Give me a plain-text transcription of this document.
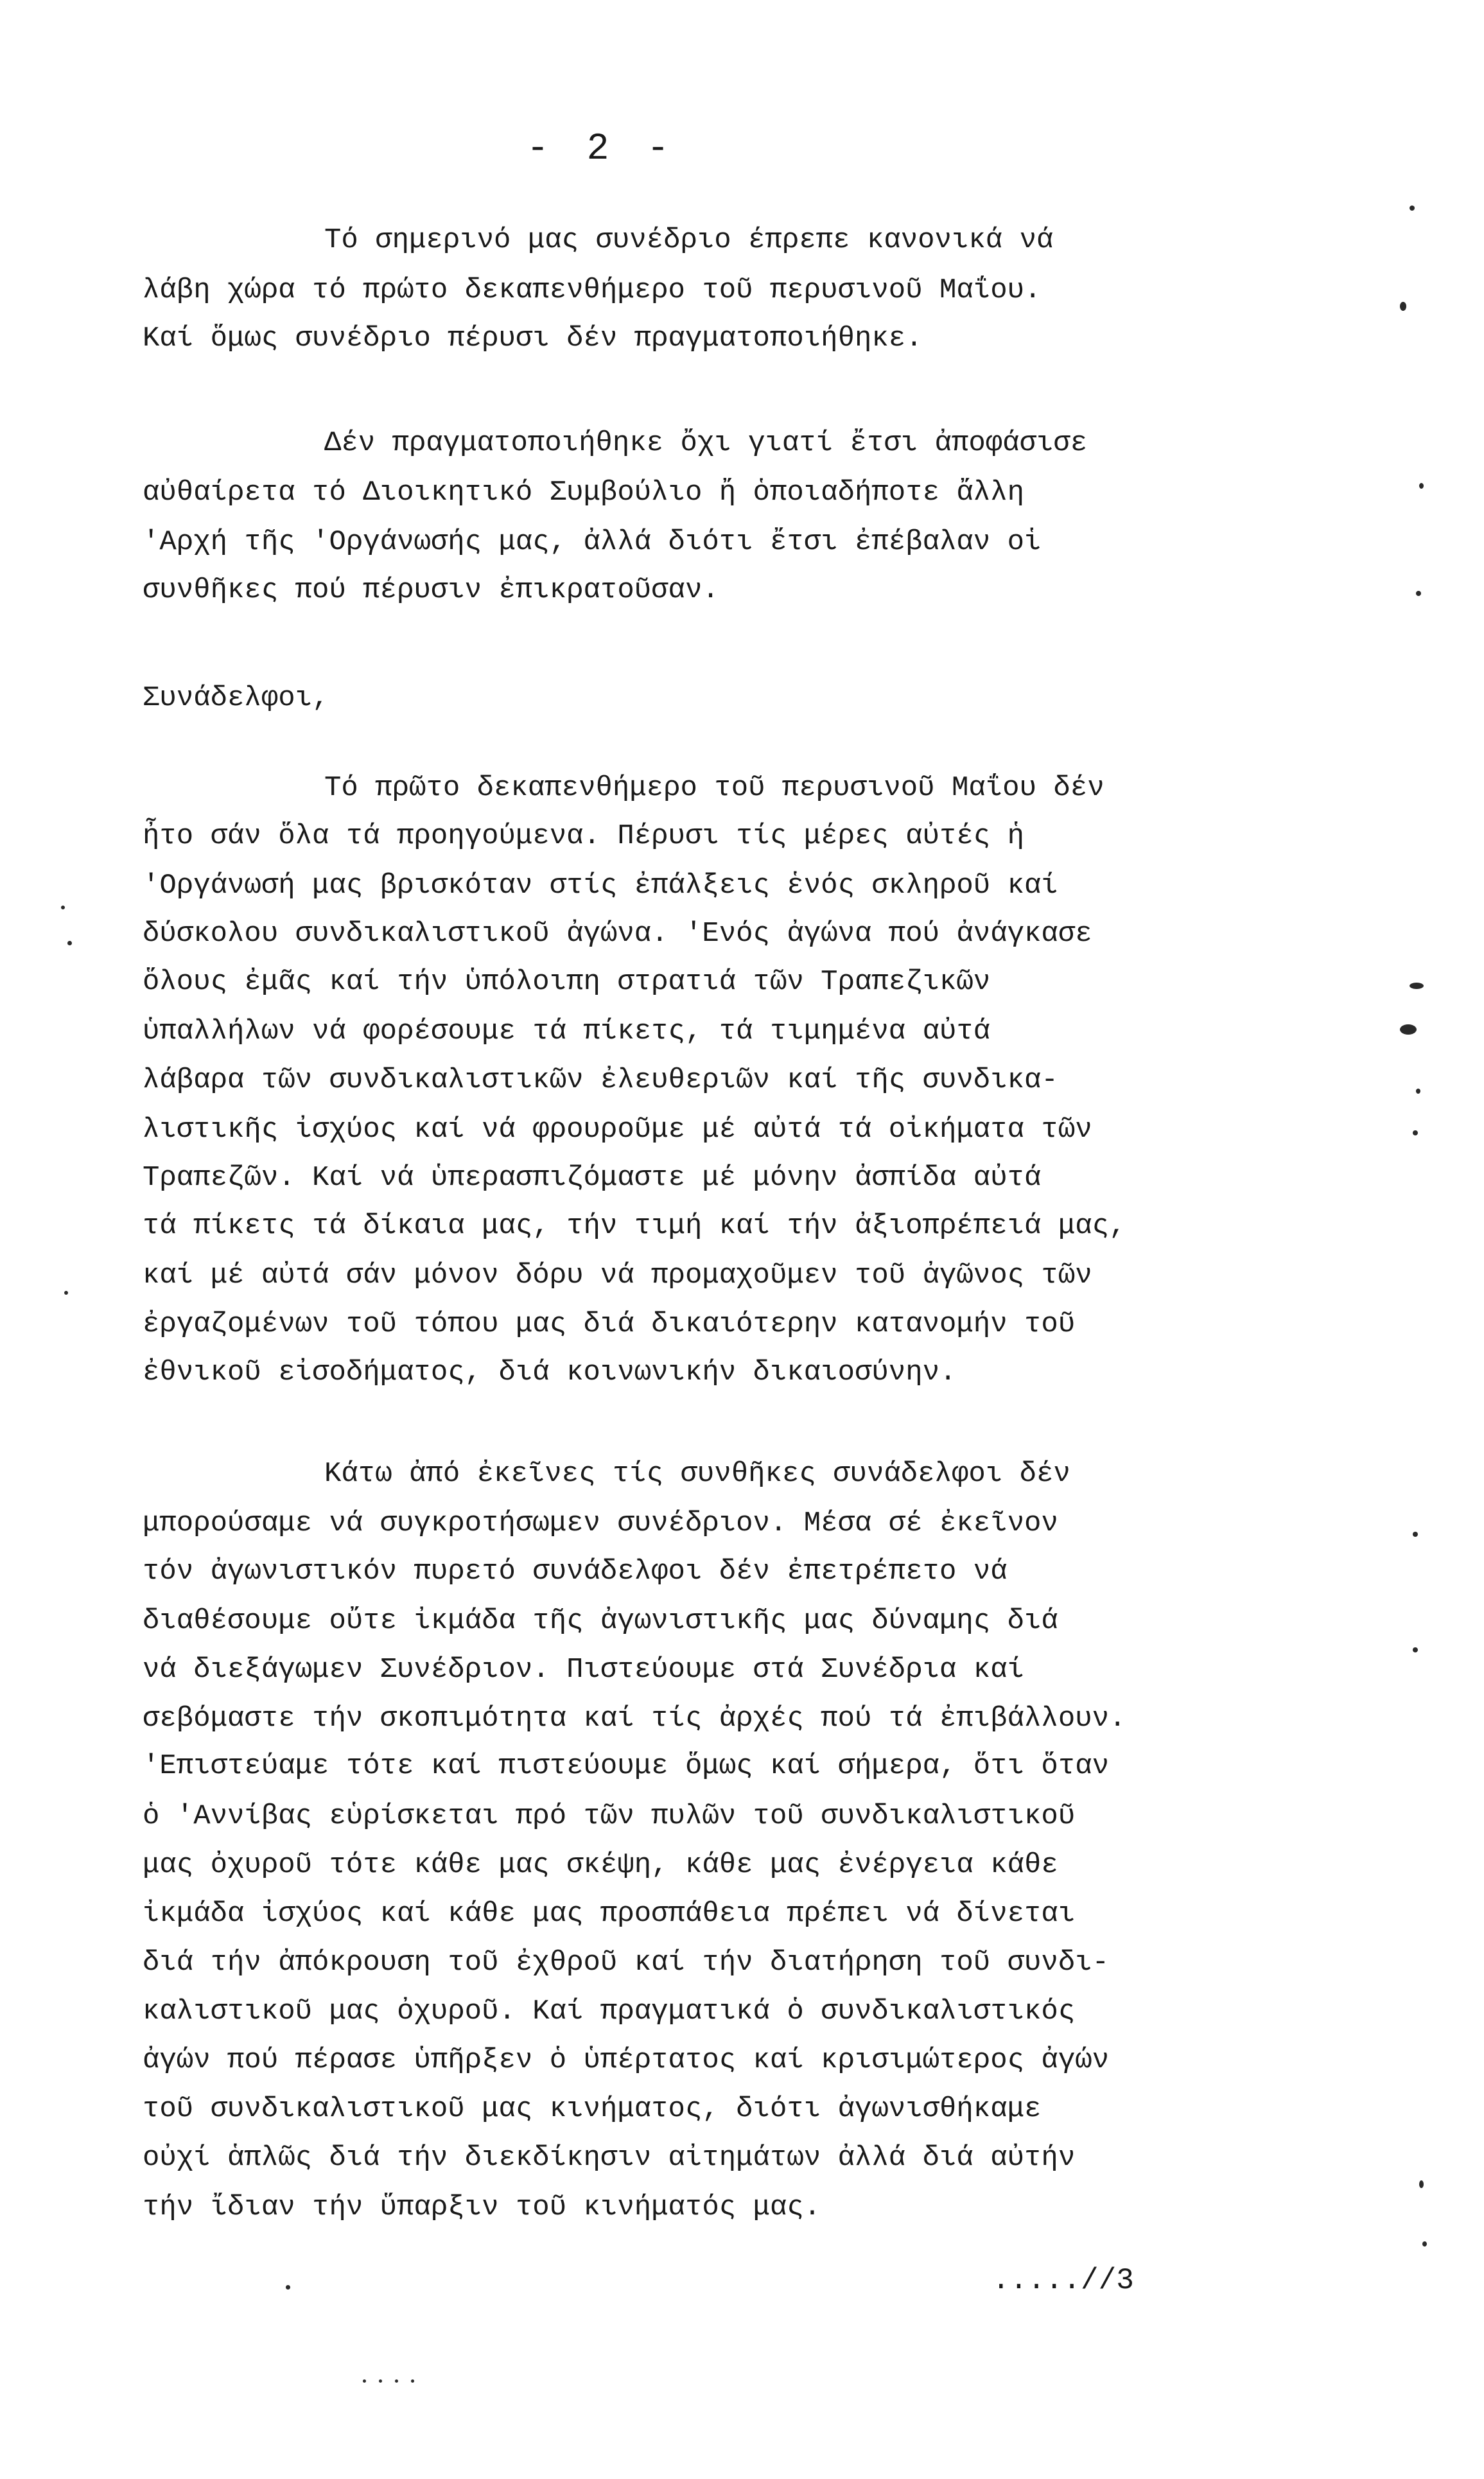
- 2 -
Τό σημερινό μας συνέδριο έπρεπε κανονικά νά
λάβη χώρα τό πρώτο δεκαπενθήμερο τοῦ περυσινοῦ Μαΐου.
Καί ὅμως συνέδριο πέρυσι δέν πραγματοποιήθηκε.
Δέν πραγματοποιήθηκε ὄχι γιατί ἔτσι ἀπoφάσισε
αὐθαίρετα τό Διοικητικό Συμβούλιο ἤ ὁποιαδήποτε ἄλλη
'Αρχή τῆς 'Οργάνωσής μας, ἀλλά διότι ἔτσι ἐπέβαλαν οἱ
συνθῆκες πού πέρυσιν ἐπικρατοῦσαν.
Συνάδελφοι,
Τό πρῶτο δεκαπενθήμερο τοῦ περυσινοῦ Μαΐου δέν
ἦτο σάν ὅλα τά προηγούμενα. Πέρυσι τίς μέρες αὐτές ἡ
'Οργάνωσή μας βρισκόταν στίς ἐπάλξεις ἑνός σκληροῦ καί
δύσκολου συνδικαλιστικοῦ ἀγώνα. 'Ενός ἀγώνα πού ἀνάγκασε
ὅλους ἐμᾶς καί τήν ὑπόλοιπη στρατιά τῶν Τραπεζικῶν
ὑπαλλήλων νά φορέσουμε τά πίκετς, τά τιμημένα αὐτά
λάβαρα τῶν συνδικαλιστικῶν ἐλευθεριῶν καί τῆς συνδικα-
λιστικῆς ἰσχύος καί νά φρουροῦμε μέ αὐτά τά οἰκήματα τῶν
Τραπεζῶν. Καί νά ὑπερασπιζόμαστε μέ μόνην ἀσπίδα αὐτά
τά πίκετς τά δίκαια μας, τήν τιμή καί τήν ἀξιοπρέπειά μας,
καί μέ αὐτά σάν μόνον δόρυ νά προμαχοῦμεν τοῦ ἀγῶνος τῶν
ἐργαζομένων τοῦ τόπου μας διά δικαιότερην κατανομήν τοῦ
ἐθνικοῦ εἰσοδήματος, διά κοινωνικήν δικαιοσύνην.
Κάτω ἀπό ἐκεῖνες τίς συνθῆκες συνάδελφοι δέν
μπορούσαμε νά συγκροτήσωμεν συνέδριον. Μέσα σέ ἐκεῖνον
τόν ἀγωνιστικόν πυρετό συνάδελφοι δέν ἐπετρέπετο νά
διαθέσουμε οὔτε ἰκμάδα τῆς ἀγωνιστικῆς μας δύναμης διά
νά διεξάγωμεν Συνέδριον. Πιστεύουμε στά Συνέδρια καί
σεβόμαστε τήν σκοπιμότητα καί τίς ἀρχές πού τά ἐπιβάλλουν.
'Επιστεύαμε τότε καί πιστεύουμε ὅμως καί σήμερα, ὅτι ὅταν
ὁ 'Αννίβας εὑρίσκεται πρό τῶν πυλῶν τοῦ συνδικαλιστικοῦ
μας ὀχυροῦ τότε κάθε μας σκέψη, κάθε μας ἐνέργεια κάθε
ἰκμάδα ἰσχύος καί κάθε μας προσπάθεια πρέπει νά δίνεται
διά τήν ἀπόκρουση τοῦ ἐχθροῦ καί τήν διατήρηση τοῦ συνδι-
καλιστικοῦ μας ὀχυροῦ. Καί πραγματικά ὁ συνδικαλιστικός
ἀγών πού πέρασε ὑπῆρξεν ὁ ὑπέρτατος καί κρισιμώτερος ἀγών
τοῦ συνδικαλιστικοῦ μας κινήματος, διότι ἀγωνισθήκαμε
οὐχί ἁπλῶς διά τήν διεκδίκησιν αἰτημάτων ἀλλά διά αὐτήν
τήν ἴδιαν τήν ὕπαρξιν τοῦ κινήματός μας.
.....//3
